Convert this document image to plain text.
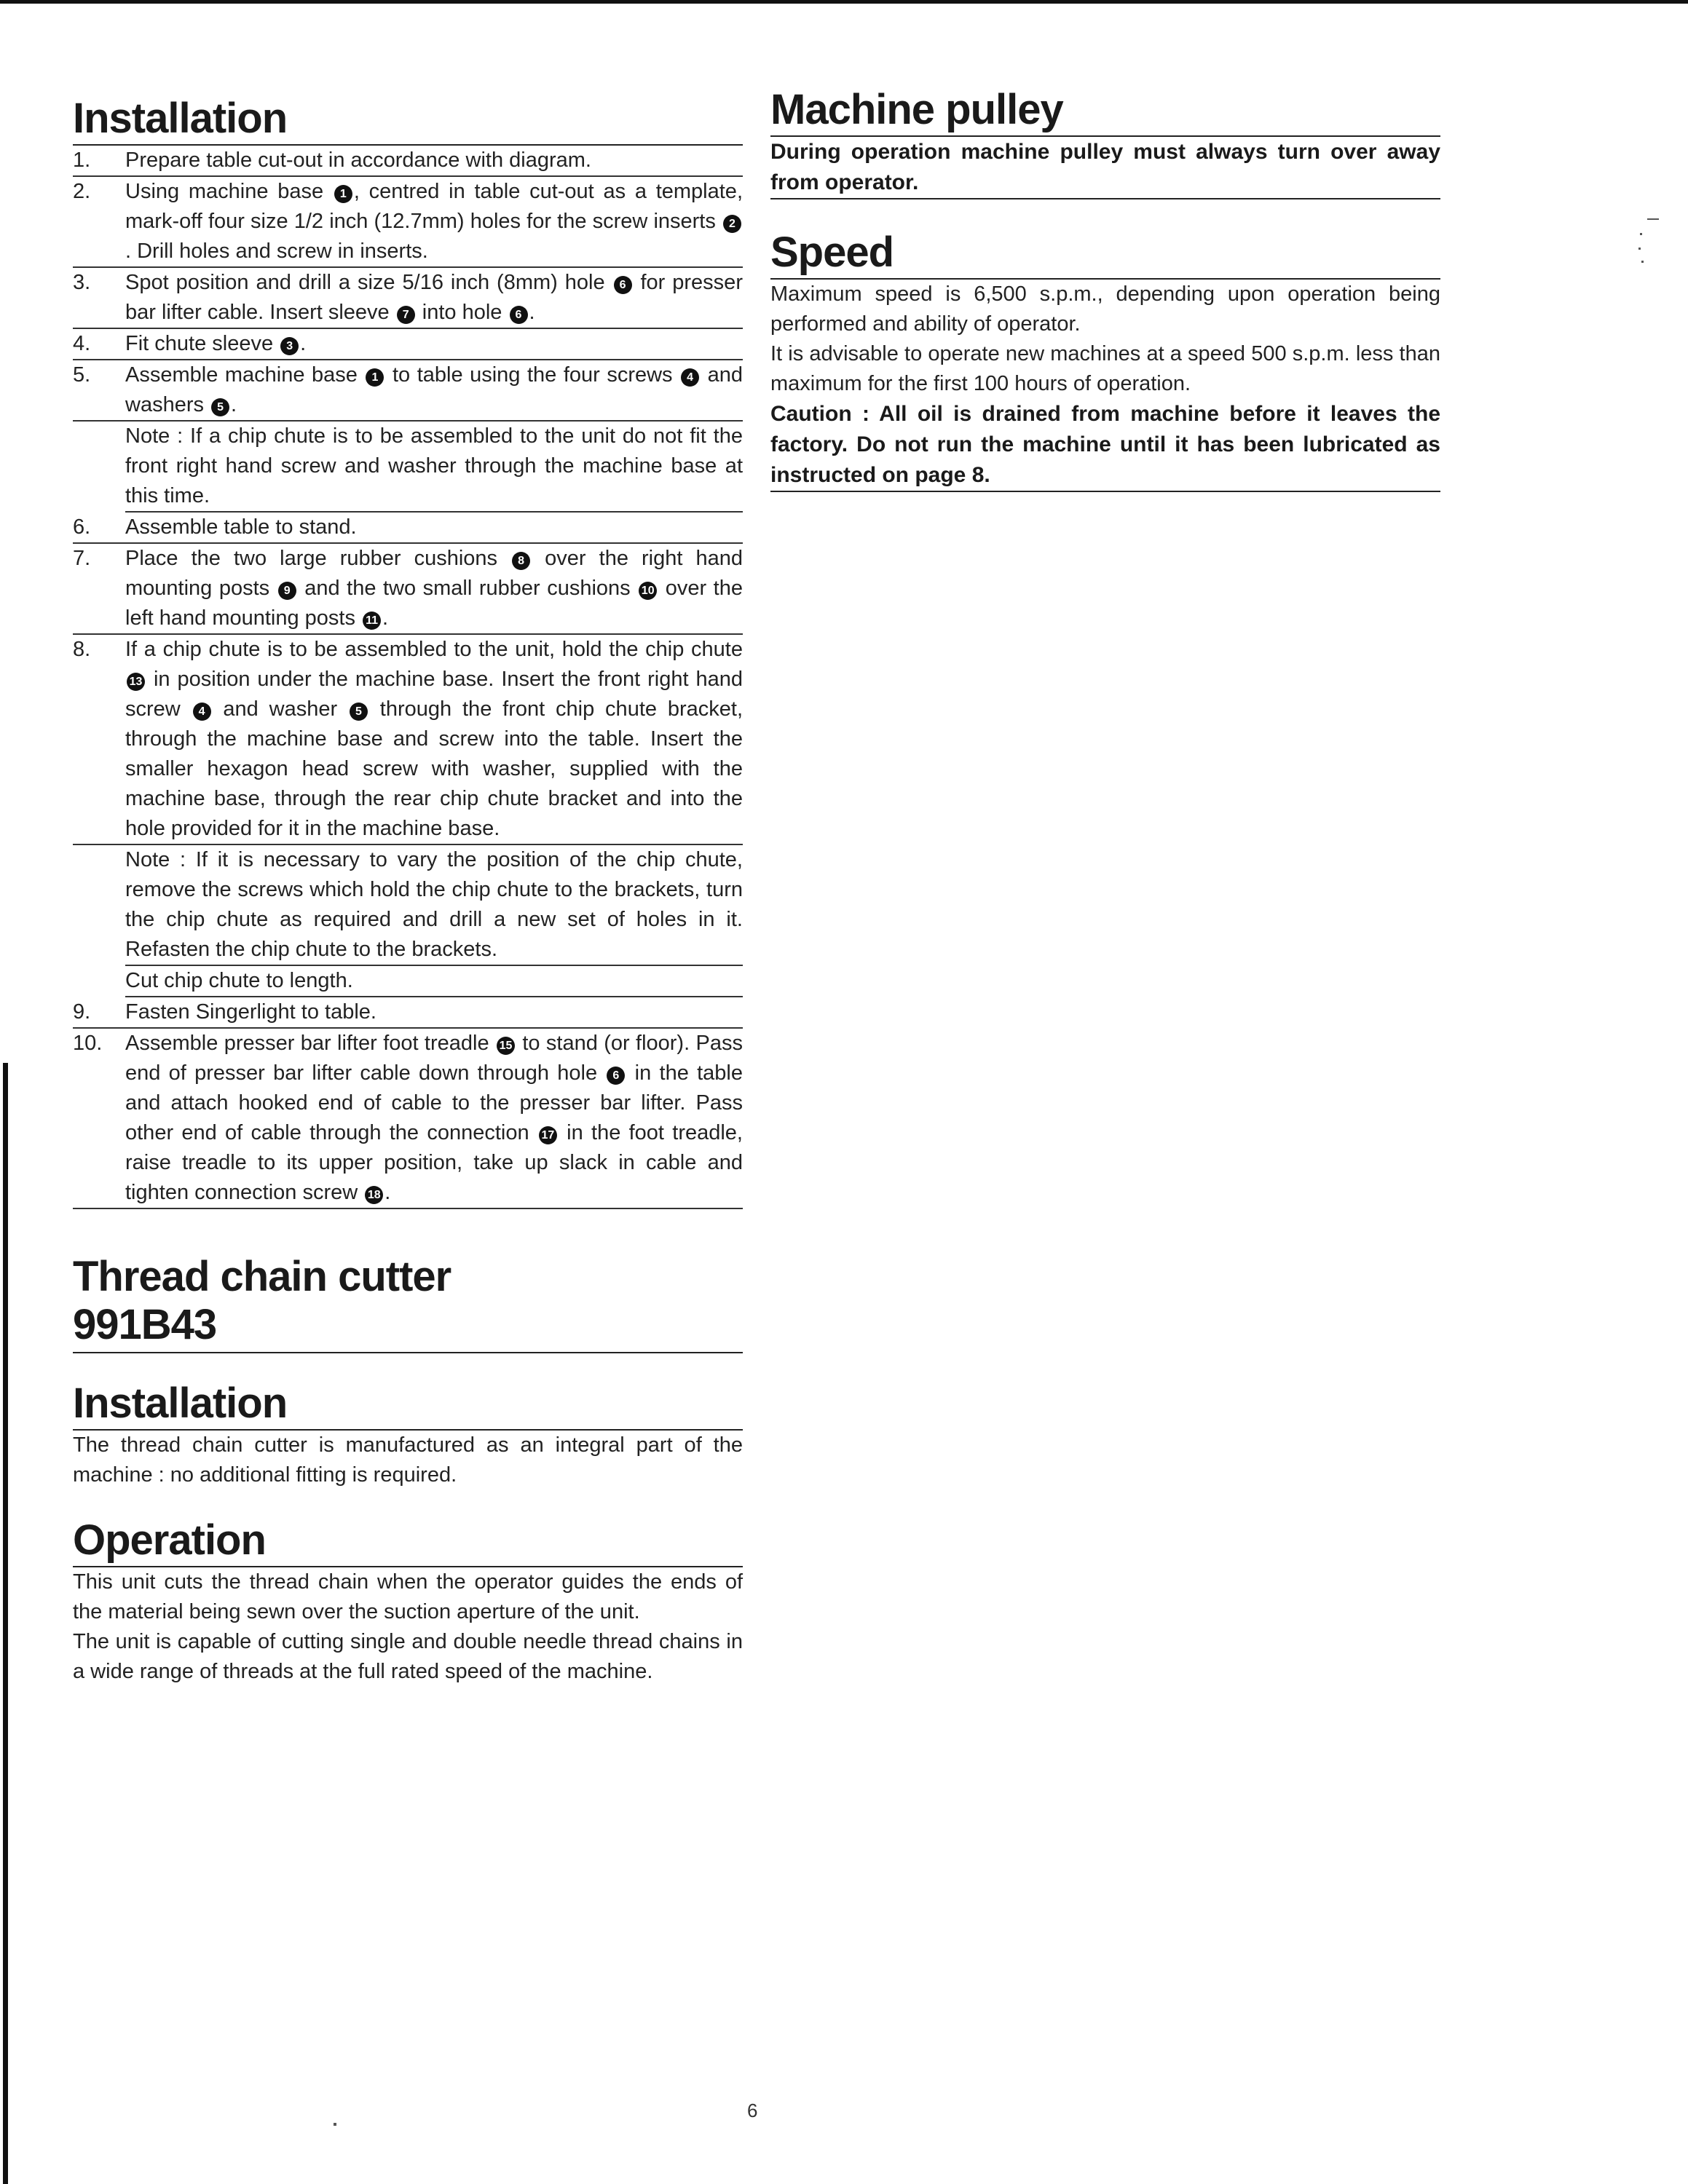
Installation
1.	Prepare table cut-out in accordance with diagram.
2.	Using machine base 1 , centred in table cut-out as a template, mark-off four size 1/2 inch (12.7mm) holes for the screw inserts 2. Drill holes and screw in inserts.
3.	Spot position and drill a size 5/16 inch (8mm) hole 6 for presser bar lifter cable. Insert sleeve 7 into hole 6 .
4.	Fit chute sleeve 3 .
5.	Assemble machine base 1 to table using the four screws 4 and washers 5 .
Note : If a chip chute is to be assembled to the unit do not fit the front right hand screw and washer through the machine base at this time.
6.	Assemble table to stand.
7.	Place the two large rubber cushions 8 over the right hand mounting posts 9 and the two small rubber cushions 10 over the left hand mounting posts 11 .
8.	If a chip chute is to be assembled to the unit, hold the chip chute 13 in position under the machine base. Insert the front right hand screw 4 and washer 5 through the front chip chute bracket, through the machine base and screw into the table. Insert the smaller hexagon head screw with washer, supplied with the machine base, through the rear chip chute bracket and into the hole provided for it in the machine base.
Note : If it is necessary to vary the position of the chip chute, remove the screws which hold the chip chute to the brackets, turn the chip chute as required and drill a new set of holes in it. Refasten the chip chute to the brackets.
Cut chip chute to length.
9.	Fasten Singerlight to table.
10.	Assemble presser bar lifter foot treadle 15 to stand (or floor). Pass end of presser bar lifter cable down through hole 6 in the table and attach hooked end of cable to the presser bar lifter. Pass other end of cable through the connection 17 in the foot treadle, raise treadle to its upper position, take up slack in cable and tighten connection screw 18 .
Thread chain cutter
991B43
Installation

The thread chain cutter is manufactured as an integral part of the machine : no additional fitting is required.

Operation

This unit cuts the thread chain when the operator guides the ends of the material being sewn over the suction aperture of the unit.

The unit is capable of cutting single and double needle thread chains in a wide range of threads at the full rated speed of the machine.

Machine pulley

During operation machine pulley must always turn over away from operator.

Speed

Maximum speed is 6,500 s.p.m., depending upon operation being performed and ability of operator.

It is advisable to operate new machines at a speed 500 s.p.m. less than maximum for the first 100 hours of operation.

Caution : All oil is drained from machine before it leaves the factory. Do not run the machine until it has been lubricated as instructed on page 8.

6
